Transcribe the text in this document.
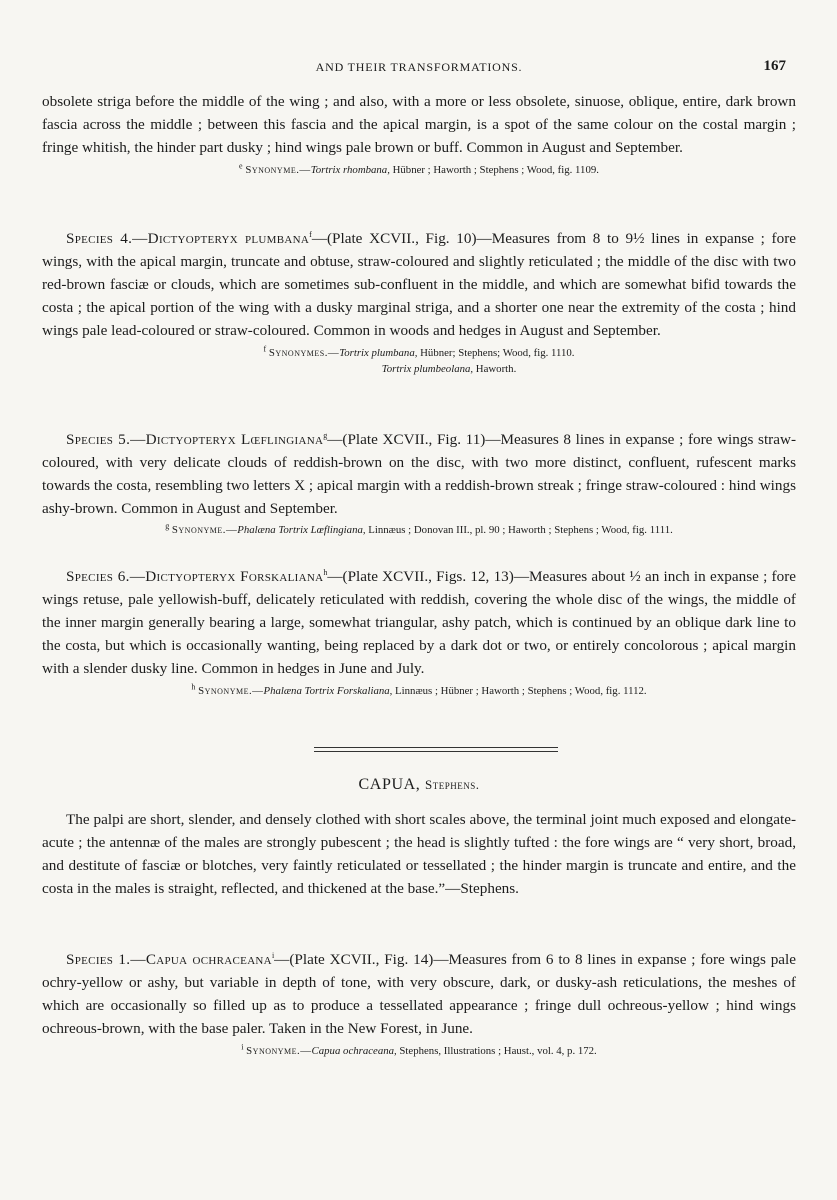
AND THEIR TRANSFORMATIONS.	167

obsolete striga before the middle of the wing ; and also, with a more or less obsolete, sinuose, oblique, entire, dark brown fascia across the middle ; between this fascia and the apical margin, is a spot of the same colour on the costal margin ; fringe whitish, the hinder part dusky ; hind wings pale brown or buff. Common in August and September.

$^e$ Synonyme.—Tortrix rhombana, Hübner ; Haworth ; Stephens ; Wood, fig. 1109.

Species 4.—Dictyopteryx plumbana$^f$—(Plate XCVII., Fig. 10)—Measures from 8 to 9½ lines in expanse ; fore wings, with the apical margin, truncate and obtuse, straw-coloured and slightly reticulated ; the middle of the disc with two red-brown fasciæ or clouds, which are sometimes sub-confluent in the middle, and which are somewhat bifid towards the costa ; the apical portion of the wing with a dusky marginal striga, and a shorter one near the extremity of the costa ; hind wings pale lead-coloured or straw-coloured. Common in woods and hedges in August and September.

$^f$ Synonymes.—Tortrix plumbana, Hübner; Stephens; Wood, fig. 1110.
Tortrix plumbeolana, Haworth.

Species 5.—Dictyopteryx Lœflingiana$^g$—(Plate XCVII., Fig. 11)—Measures 8 lines in expanse ; fore wings straw-coloured, with very delicate clouds of reddish-brown on the disc, with two more distinct, confluent, rufescent marks towards the costa, resembling two letters X ; apical margin with a reddish-brown streak ; fringe straw-coloured : hind wings ashy-brown. Common in August and September.

$^g$ Synonyme.—Phalæna Tortrix Lœflingiana, Linnæus ; Donovan III., pl. 90 ; Haworth ; Stephens ; Wood, fig. 1111.

Species 6.—Dictyopteryx Forskaliana$^h$—(Plate XCVII., Figs. 12, 13)—Measures about ½ an inch in expanse ; fore wings retuse, pale yellowish-buff, delicately reticulated with reddish, covering the whole disc of the wings, the middle of the inner margin generally bearing a large, somewhat triangular, ashy patch, which is continued by an oblique dark line to the costa, but which is occasionally wanting, being replaced by a dark dot or two, or entirely concolorous ; apical margin with a slender dusky line. Common in hedges in June and July.

$^h$ Synonyme.—Phalæna Tortrix Forskaliana, Linnæus ; Hübner ; Haworth ; Stephens ; Wood, fig. 1112.

CAPUA, Stephens.

The palpi are short, slender, and densely clothed with short scales above, the terminal joint much exposed and elongate-acute ; the antennæ of the males are strongly pubescent ; the head is slightly tufted : the fore wings are “ very short, broad, and destitute of fasciæ or blotches, very faintly reticulated or tessellated ; the hinder margin is truncate and entire, and the costa in the males is straight, reflected, and thickened at the base.”—Stephens.

Species 1.—Capua ochraceana$^i$—(Plate XCVII., Fig. 14)—Measures from 6 to 8 lines in expanse ; fore wings pale ochry-yellow or ashy, but variable in depth of tone, with very obscure, dark, or dusky-ash reticulations, the meshes of which are occasionally so filled up as to produce a tessellated appearance ; fringe dull ochreous-yellow ; hind wings ochreous-brown, with the base paler. Taken in the New Forest, in June.

$^i$ Synonyme.—Capua ochraceana, Stephens, Illustrations ; Haust., vol. 4, p. 172.
